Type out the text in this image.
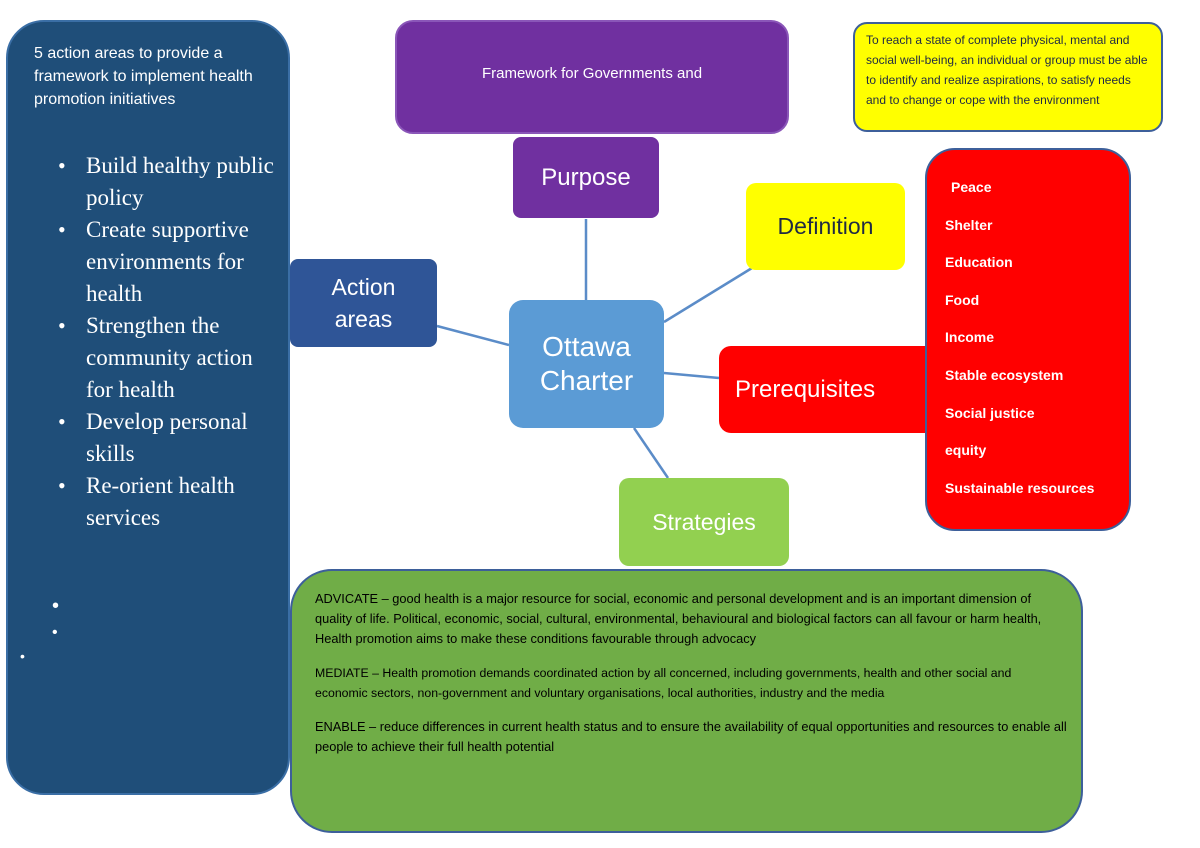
5 action areas to provide a framework to implement health promotion initiatives
• Build healthy public policy
• Create supportive environments for health
• Strengthen the community action for health
• Develop personal skills
• Re-orient health services
•
•
•
Framework for Governments and
To reach a state of complete physical, mental and social well-being, an individual or group must be able to identify and realize aspirations, to satisfy needs and to change or cope with the environment
Purpose
Definition
Action areas
Ottawa Charter	Prerequisites
Strategies
Peace
Shelter
Education
Food
Income
Stable ecosystem
Social justice
equity
Sustainable resources

ADVICATE – good health is a major resource for social, economic and personal development and is an important dimension of quality of life. Political, economic, social, cultural, environmental, behavioural and biological factors can all favour or harm health, Health promotion aims to make these conditions favourable through advocacy

MEDIATE – Health promotion demands coordinated action by all concerned, including governments, health and other social and economic sectors, non-government and voluntary organisations, local authorities, industry and the media

ENABLE – reduce differences in current health status and to ensure the availability of equal opportunities and resources to enable all people to achieve their full health potential
